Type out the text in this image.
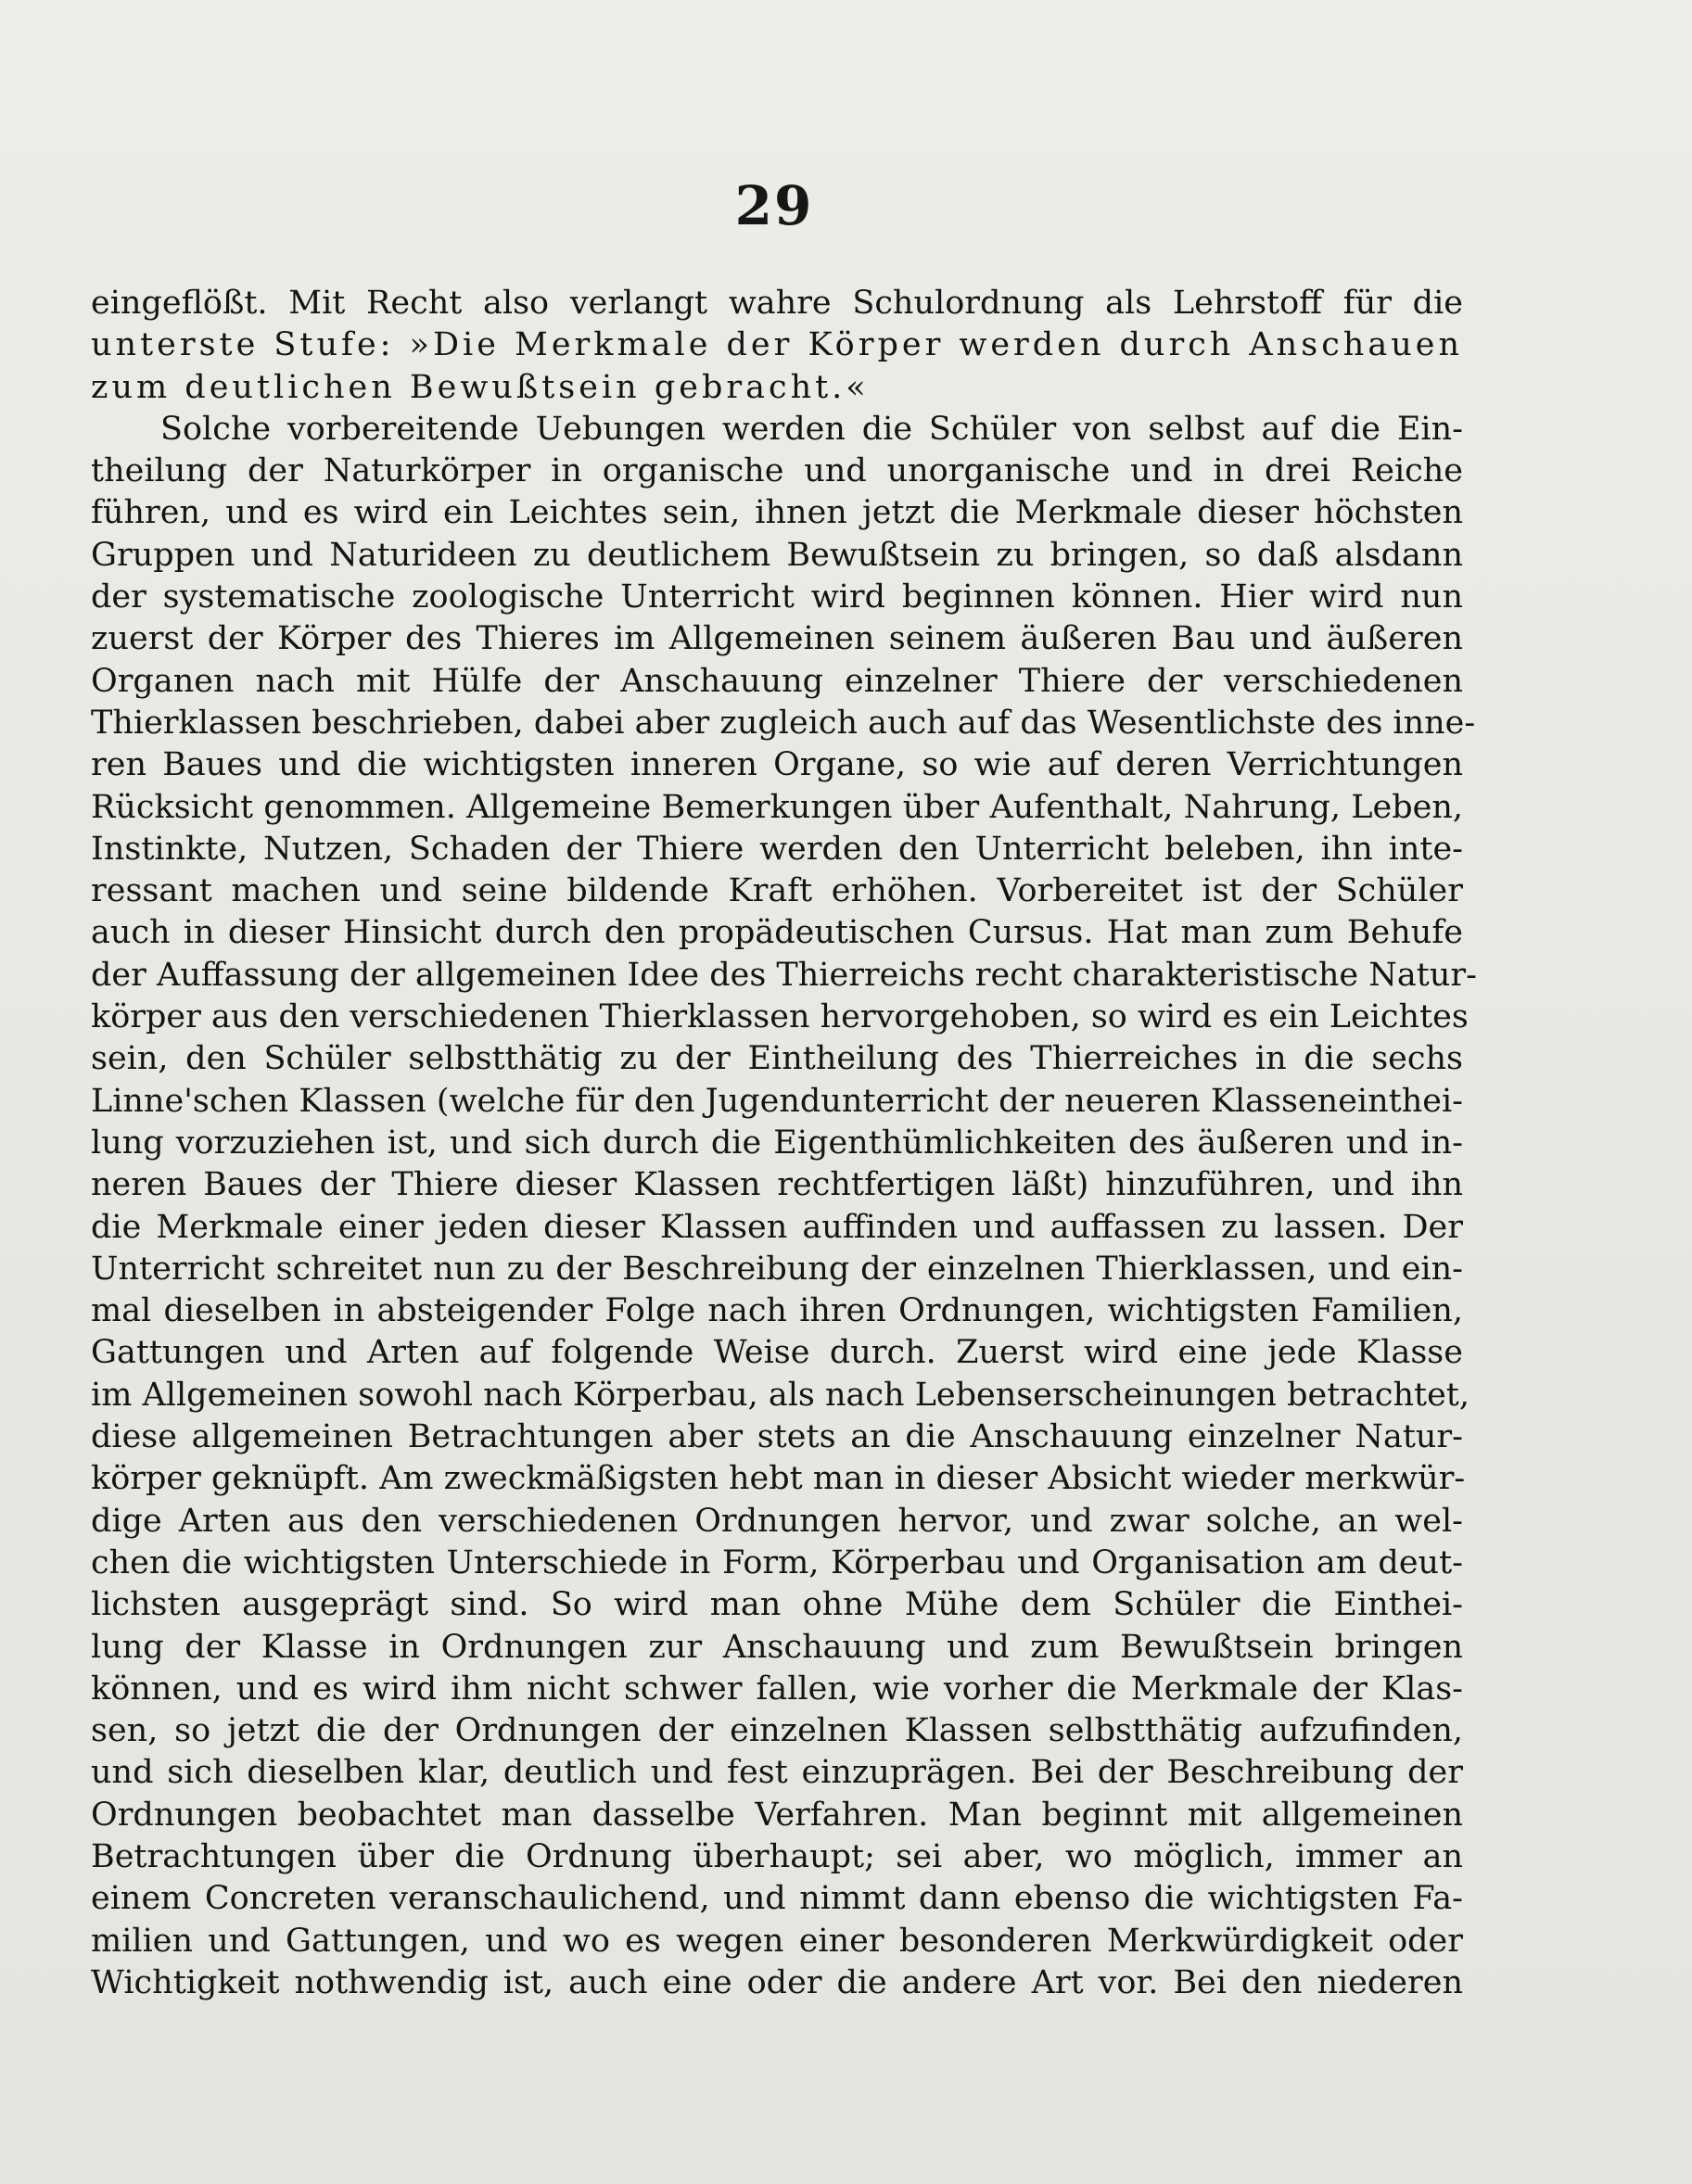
29
eingeflößt. Mit Recht also verlangt wahre Schulordnung als Lehrstoff für die
unterste Stufe: »Die Merkmale der Körper werden durch Anschauen
zum deutlichen Bewußtsein gebracht.«
Solche vorbereitende Uebungen werden die Schüler von selbst auf die Ein-
theilung der Naturkörper in organische und unorganische und in drei Reiche
führen, und es wird ein Leichtes sein, ihnen jetzt die Merkmale dieser höchsten
Gruppen und Naturideen zu deutlichem Bewußtsein zu bringen, so daß alsdann
der systematische zoologische Unterricht wird beginnen können. Hier wird nun
zuerst der Körper des Thieres im Allgemeinen seinem äußeren Bau und äußeren
Organen nach mit Hülfe der Anschauung einzelner Thiere der verschiedenen
Thierklassen beschrieben, dabei aber zugleich auch auf das Wesentlichste des inne-
ren Baues und die wichtigsten inneren Organe, so wie auf deren Verrichtungen
Rücksicht genommen. Allgemeine Bemerkungen über Aufenthalt, Nahrung, Leben,
Instinkte, Nutzen, Schaden der Thiere werden den Unterricht beleben, ihn inte-
ressant machen und seine bildende Kraft erhöhen. Vorbereitet ist der Schüler
auch in dieser Hinsicht durch den propädeutischen Cursus. Hat man zum Behufe
der Auffassung der allgemeinen Idee des Thierreichs recht charakteristische Natur-
körper aus den verschiedenen Thierklassen hervorgehoben, so wird es ein Leichtes
sein, den Schüler selbstthätig zu der Eintheilung des Thierreiches in die sechs
Linne'schen Klassen (welche für den Jugendunterricht der neueren Klasseneinthei-
lung vorzuziehen ist, und sich durch die Eigenthümlichkeiten des äußeren und in-
neren Baues der Thiere dieser Klassen rechtfertigen läßt) hinzuführen, und ihn
die Merkmale einer jeden dieser Klassen auffinden und auffassen zu lassen. Der
Unterricht schreitet nun zu der Beschreibung der einzelnen Thierklassen, und ein-
mal dieselben in absteigender Folge nach ihren Ordnungen, wichtigsten Familien,
Gattungen und Arten auf folgende Weise durch. Zuerst wird eine jede Klasse
im Allgemeinen sowohl nach Körperbau, als nach Lebenserscheinungen betrachtet,
diese allgemeinen Betrachtungen aber stets an die Anschauung einzelner Natur-
körper geknüpft. Am zweckmäßigsten hebt man in dieser Absicht wieder merkwür-
dige Arten aus den verschiedenen Ordnungen hervor, und zwar solche, an wel-
chen die wichtigsten Unterschiede in Form, Körperbau und Organisation am deut-
lichsten ausgeprägt sind. So wird man ohne Mühe dem Schüler die Einthei-
lung der Klasse in Ordnungen zur Anschauung und zum Bewußtsein bringen
können, und es wird ihm nicht schwer fallen, wie vorher die Merkmale der Klas-
sen, so jetzt die der Ordnungen der einzelnen Klassen selbstthätig aufzufinden,
und sich dieselben klar, deutlich und fest einzuprägen. Bei der Beschreibung der
Ordnungen beobachtet man dasselbe Verfahren. Man beginnt mit allgemeinen
Betrachtungen über die Ordnung überhaupt; sei aber, wo möglich, immer an
einem Concreten veranschaulichend, und nimmt dann ebenso die wichtigsten Fa-
milien und Gattungen, und wo es wegen einer besonderen Merkwürdigkeit oder
Wichtigkeit nothwendig ist, auch eine oder die andere Art vor. Bei den niederen
